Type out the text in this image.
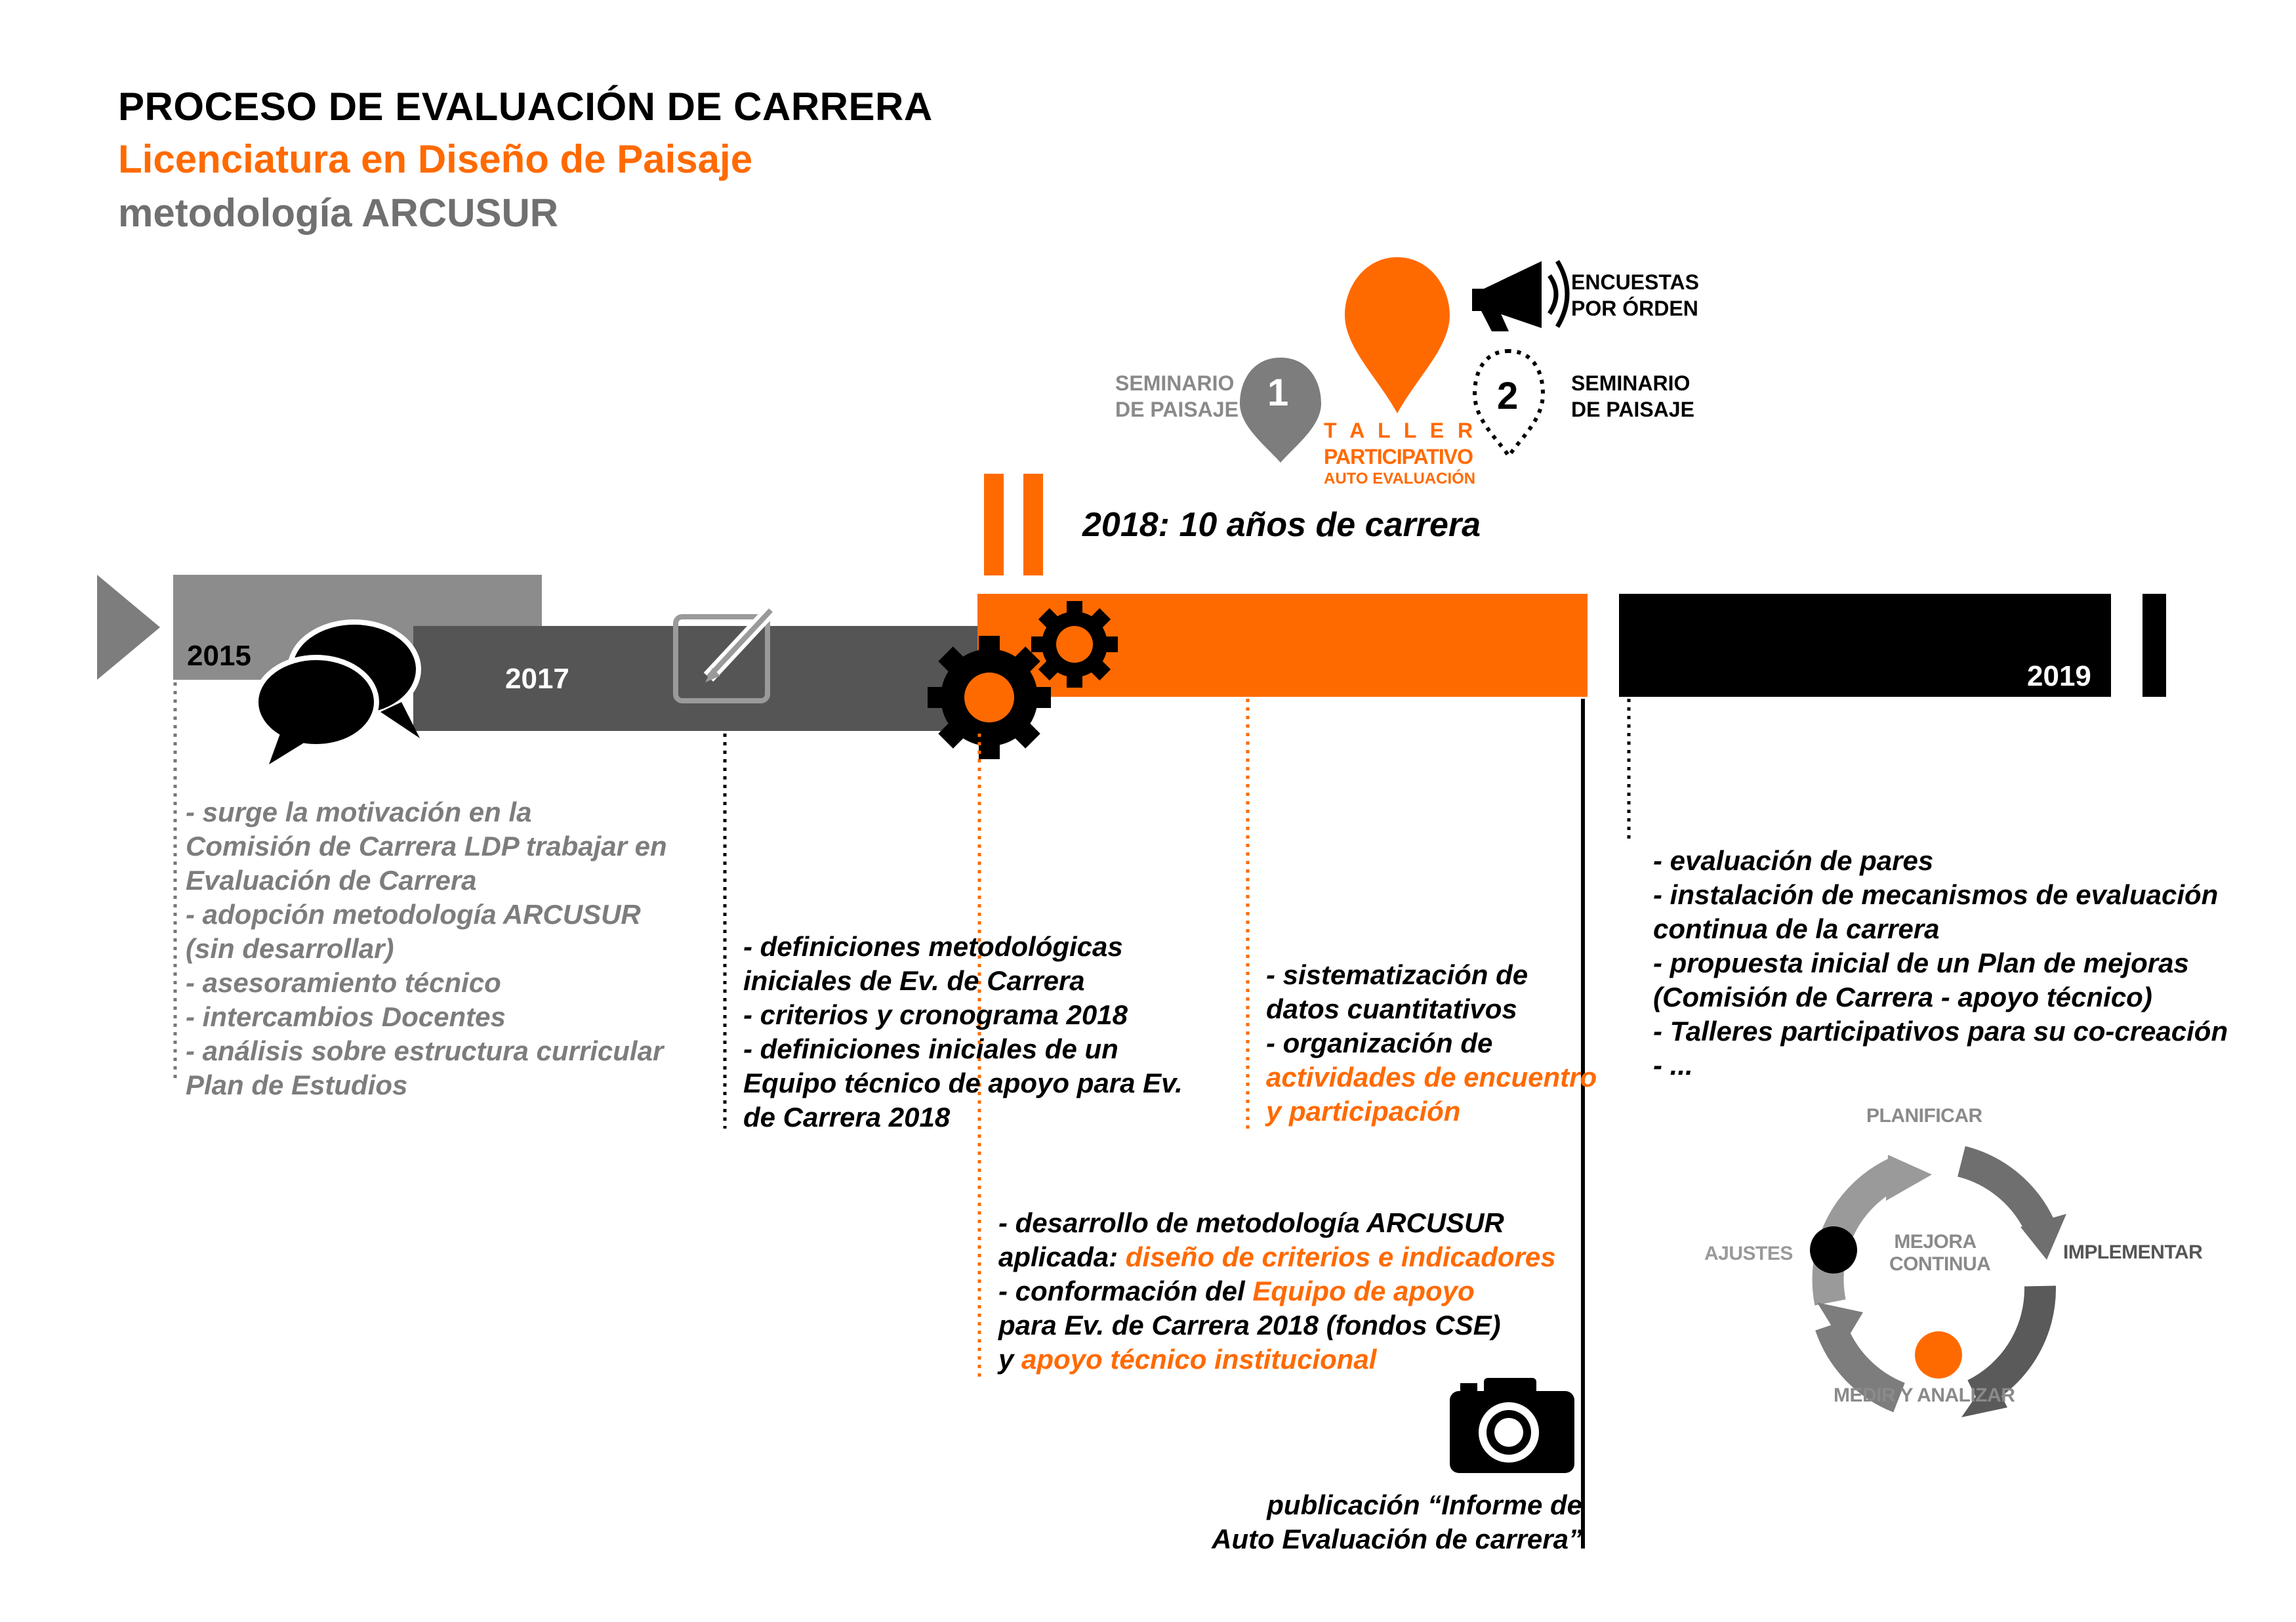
PROCESO DE EVALUACIÓN DE CARRERA
Licenciatura en Diseño de Paisaje
metodología ARCUSUR
2015
2017	2019
2018: 10 años de carrera
SEMINARIO
DE PAISAJE 1
T A L L E R
PARTICIPATIVO
AUTO EVALUACIÓN
ENCUESTAS
POR ÓRDEN
2	SEMINARIO
DE PAISAJE
- surge la motivación en la
Comisión de Carrera LDP trabajar en
Evaluación de Carrera
- adopción metodología ARCUSUR
(sin desarrollar)
- asesoramiento técnico
- intercambios Docentes
- análisis sobre estructura curricular
Plan de Estudios
- definiciones metodológicas
iniciales de Ev. de Carrera
- criterios y cronograma 2018
- definiciones iniciales de un
Equipo técnico de apoyo para Ev.
de Carrera 2018
- sistematización de
datos cuantitativos
- organización de
actividades de encuentro
y participación
- desarrollo de metodología ARCUSUR
aplicada: diseño de criterios e indicadores
- conformación del Equipo de apoyo
para Ev. de Carrera 2018 (fondos CSE)
y apoyo técnico institucional
publicación “Informe de
Auto Evaluación de carrera”
- evaluación de pares
- instalación de mecanismos de evaluación
continua de la carrera
- propuesta inicial de un Plan de mejoras
(Comisión de Carrera - apoyo técnico)
- Talleres participativos para su co-creación
- ...
PLANIFICAR
IMPLEMENTAR
MEDIR Y ANALIZAR
AJUSTES
MEJORA
CONTINUA
